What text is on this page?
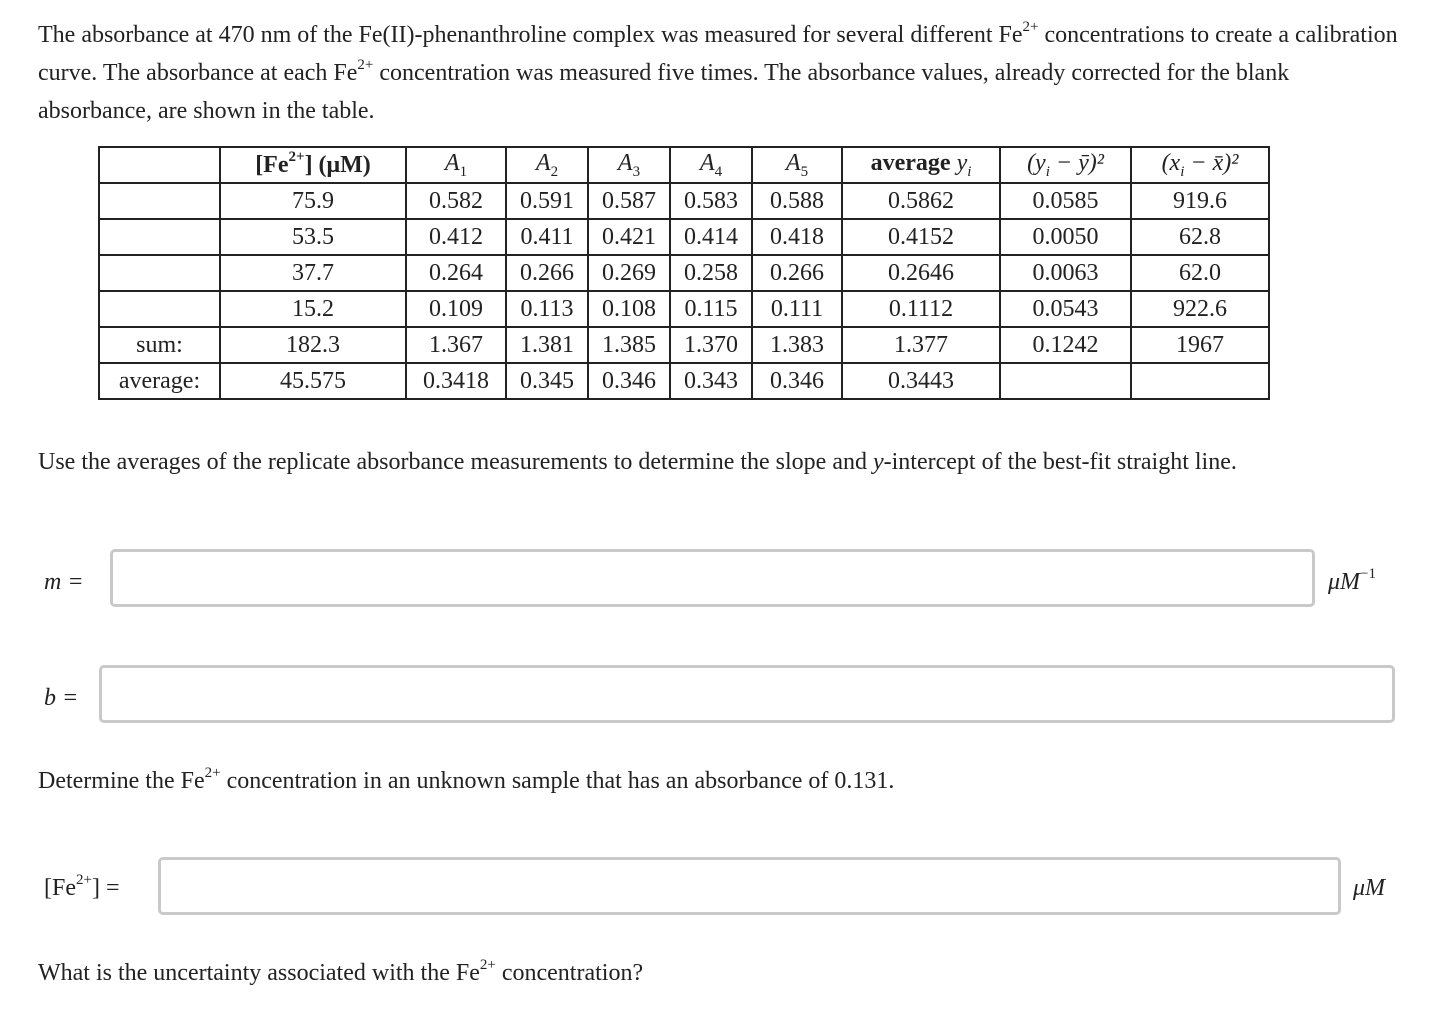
The absorbance at 470 nm of the Fe(II)-phenanthroline complex was measured for several different $Fe^{2+}$ concentrations to create a calibration curve. The absorbance at each $Fe^{2+}$ concentration was measured five times. The absorbance values, already corrected for the blank absorbance, are shown in the table.

	$[Fe^{2+}]$ (μM)	$A_1$	$A_2$	$A_3$	$A_4$	$A_5$	average $y_i$	($y_i$ − ȳ)²	($x_i$ − x̄)²
	75.9	0.582	0.591	0.587	0.583	0.588	0.5862	0.0585	919.6
	53.5	0.412	0.411	0.421	0.414	0.418	0.4152	0.0050	62.8
	37.7	0.264	0.266	0.269	0.258	0.266	0.2646	0.0063	62.0
	15.2	0.109	0.113	0.108	0.115	0.111	0.1112	0.0543	922.6
sum:	182.3	1.367	1.381	1.385	1.370	1.383	1.377	0.1242	1967
average:	45.575	0.3418	0.345	0.346	0.343	0.346	0.3443		

Use the averages of the replicate absorbance measurements to determine the slope and y-intercept of the best-fit straight line.

m =	$\mu M^{-1}$
b =

Determine the $Fe^{2+}$ concentration in an unknown sample that has an absorbance of 0.131.

$[Fe^{2+}]$ =	μM

What is the uncertainty associated with the $Fe^{2+}$ concentration?
